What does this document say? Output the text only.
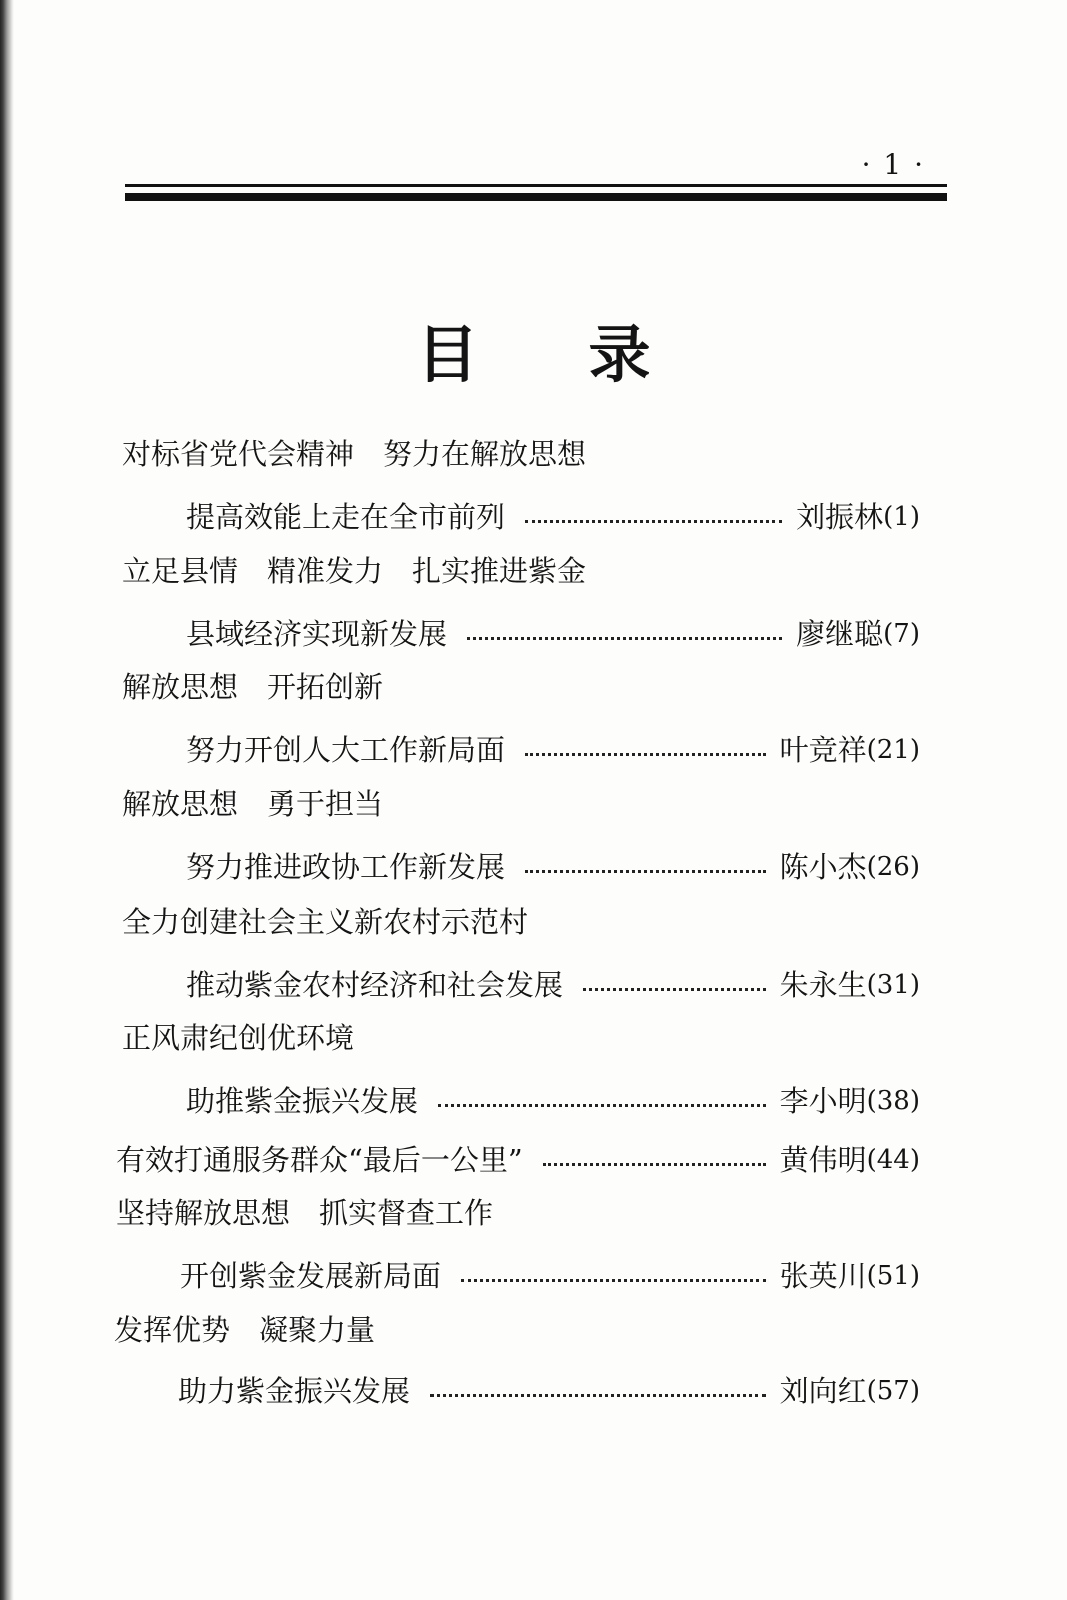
· 1 ·
目录
对标省党代会精神　努力在解放思想
提高效能上走在全市前列	刘振林 (1)
立足县情　精准发力　扎实推进紫金
县域经济实现新发展	廖继聪 (7)
解放思想　开拓创新
努力开创人大工作新局面	叶竞祥 (21)
解放思想　勇于担当
努力推进政协工作新发展	陈小杰 (26)
全力创建社会主义新农村示范村
推动紫金农村经济和社会发展	朱永生 (31)
正风肃纪创优环境
助推紫金振兴发展	李小明 (38)
有效打通服务群众“最后一公里”	黄伟明 (44)
坚持解放思想　抓实督查工作
开创紫金发展新局面	张英川 (51)
发挥优势　凝聚力量
助力紫金振兴发展	刘向红 (57)
